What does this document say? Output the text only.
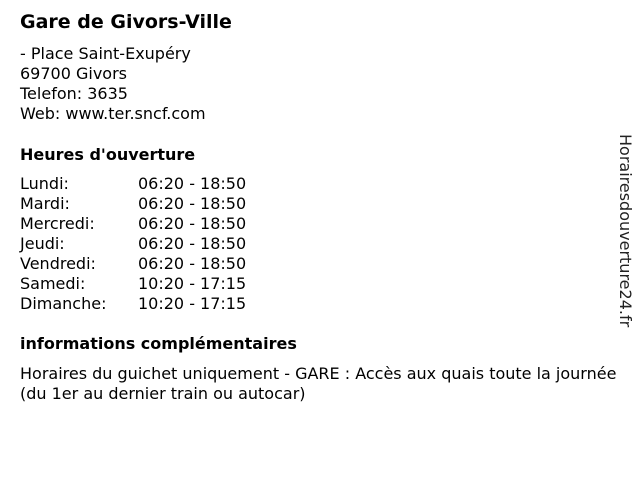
Gare de Givors-Ville
- Place Saint-Exupéry
69700 Givors
Telefon: 3635
Web: www.ter.sncf.com
Heures d'ouverture
Lundi:	06:20 - 18:50
Mardi:	06:20 - 18:50
Mercredi:	06:20 - 18:50
Jeudi:	06:20 - 18:50
Vendredi:	06:20 - 18:50
Samedi:	10:20 - 17:15
Dimanche: 10:20 - 17:15
informations complémentaires
Horaires du guichet uniquement - GARE : Accès aux quais toute la journée (du 1er au dernier train ou autocar)
Horairesdouverture24.fr
